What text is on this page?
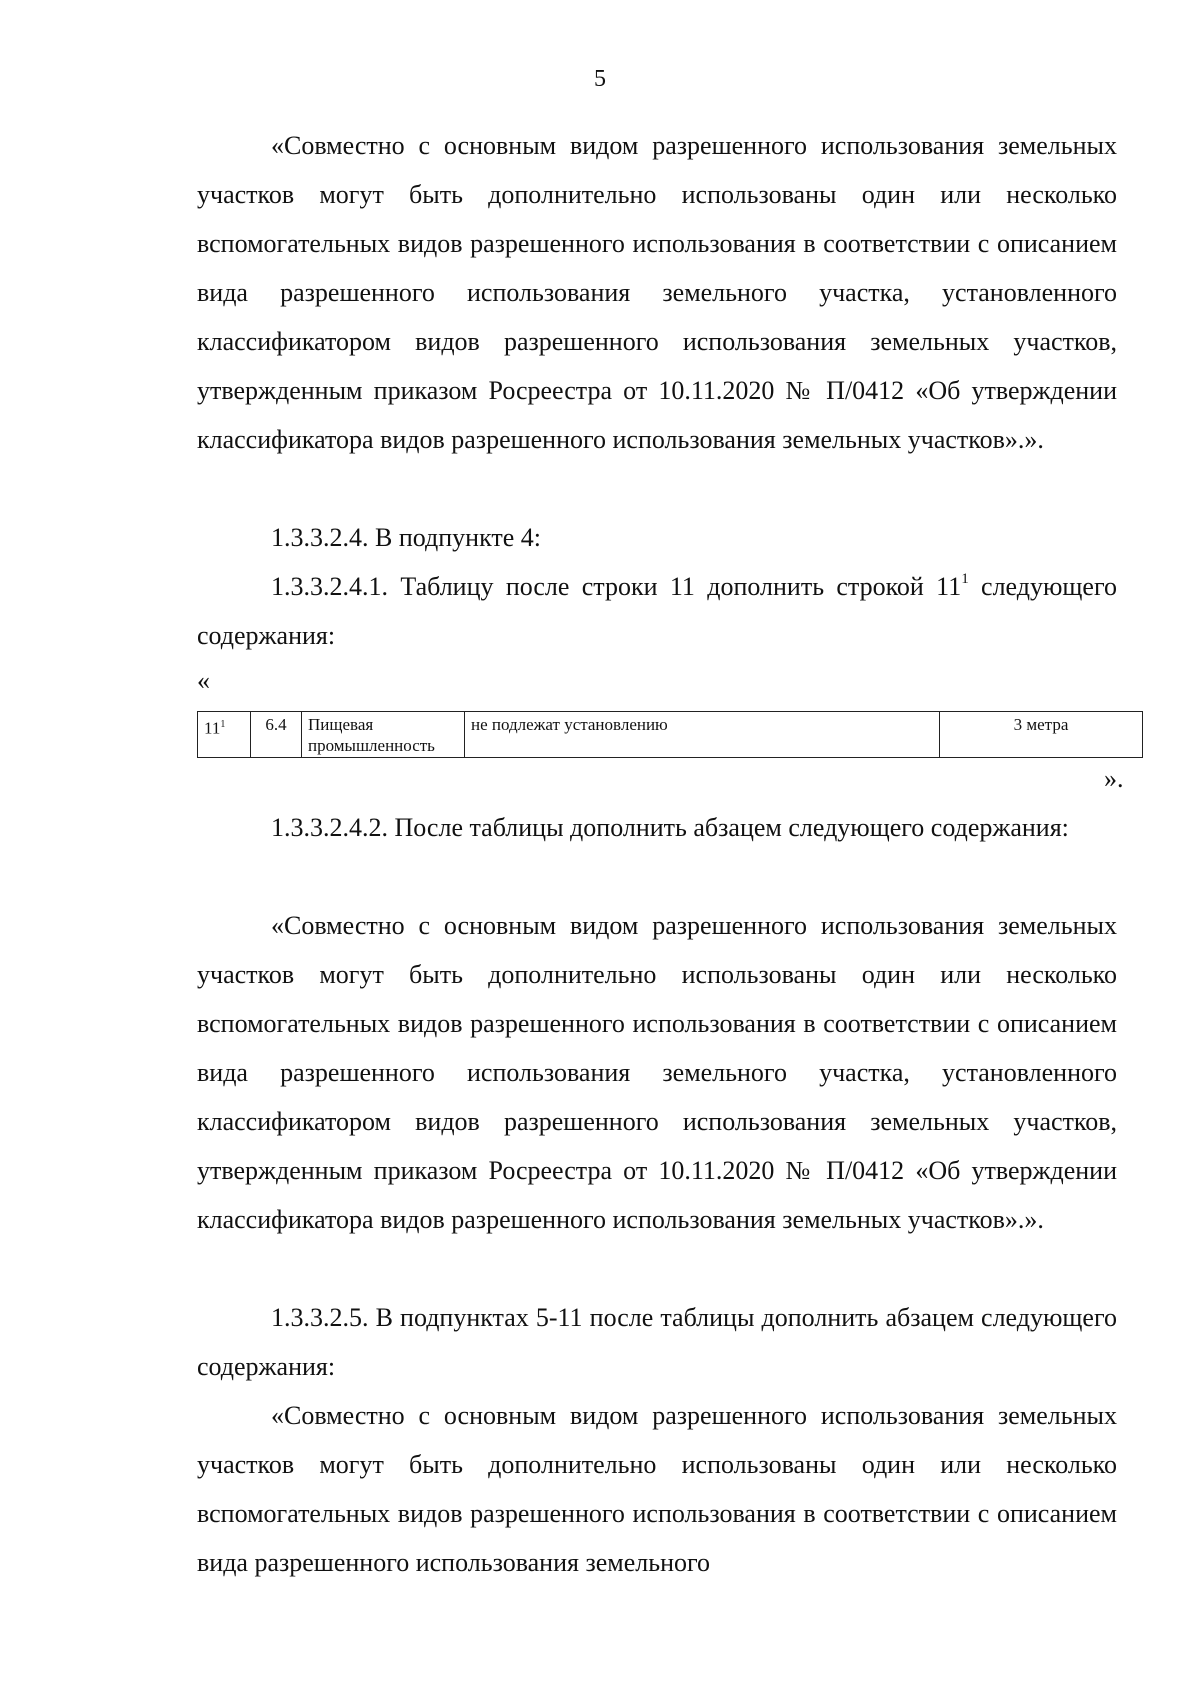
5

«Совместно с основным видом разрешенного использования земельных участков могут быть дополнительно использованы один или несколько вспомогательных видов разрешенного использования в соответствии с описанием вида разрешенного использования земельного участка, установленного классификатором видов разрешенного использования земельных участков, утвержденным приказом Росреестра от 10.11.2020 № П/0412 «Об утверждении классификатора видов разрешенного использования земельных участков».».

1.3.3.2.4. В подпункте 4:

1.3.3.2.4.1. Таблицу после строки 11 дополнить строкой $11^1$ следующего содержания:

«
$11^1$	6.4	Пищевая промышленность	не подлежат установлению	3 метра
».

1.3.3.2.4.2. После таблицы дополнить абзацем следующего содержания:

«Совместно с основным видом разрешенного использования земельных участков могут быть дополнительно использованы один или несколько вспомогательных видов разрешенного использования в соответствии с описанием вида разрешенного использования земельного участка, установленного классификатором видов разрешенного использования земельных участков, утвержденным приказом Росреестра от 10.11.2020 № П/0412 «Об утверждении классификатора видов разрешенного использования земельных участков».».

1.3.3.2.5. В подпунктах 5-11 после таблицы дополнить абзацем следующего содержания:

«Совместно с основным видом разрешенного использования земельных участков могут быть дополнительно использованы один или несколько вспомогательных видов разрешенного использования в соответствии с описанием вида разрешенного использования земельного
